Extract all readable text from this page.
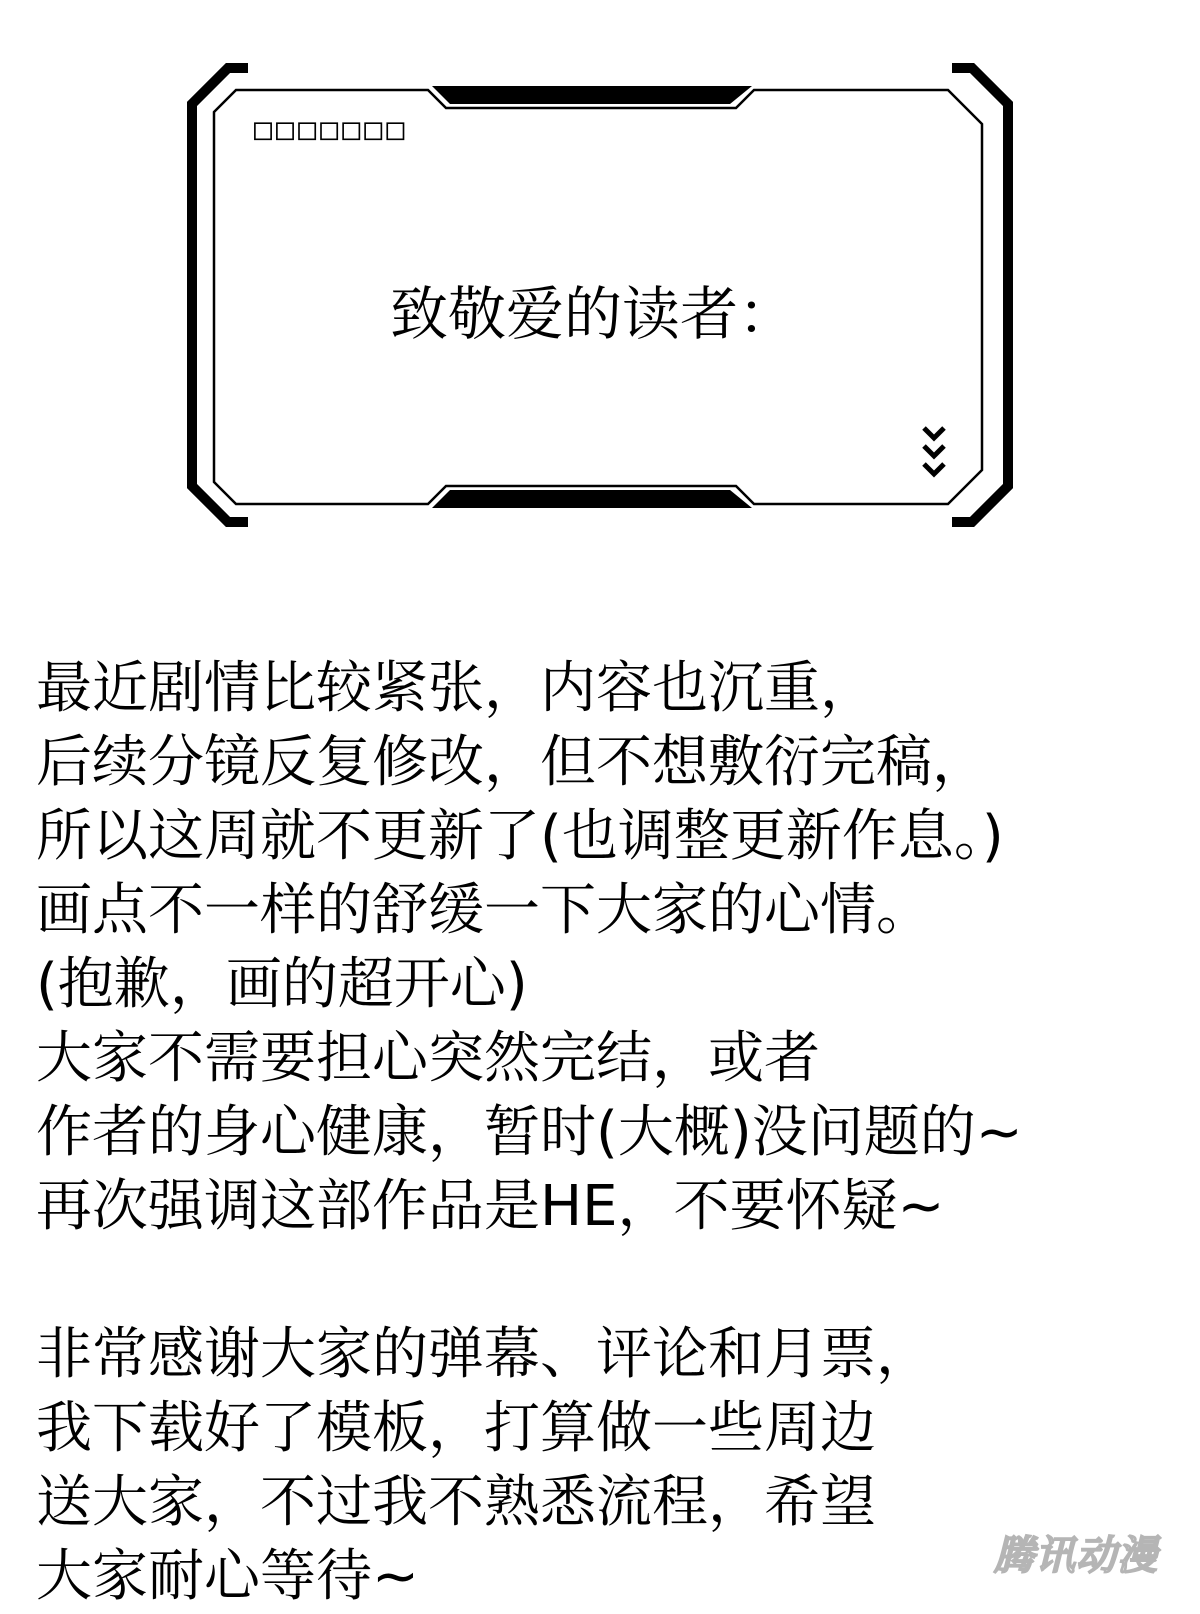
□□□□□□□
致敬爱的读者：
最近剧情比较紧张，内容也沉重，
后续分镜反复修改，但不想敷衍完稿，
所以这周就不更新了(也调整更新作息。)
画点不一样的舒缓一下大家的心情。
(抱歉，画的超开心)
大家不需要担心突然完结，或者
作者的身心健康，暂时(大概)没问题的~
再次强调这部作品是HE，不要怀疑~
非常感谢大家的弹幕、评论和月票，
我下载好了模板，打算做一些周边
送大家，不过我不熟悉流程，希望
大家耐心等待~	腾讯动漫
